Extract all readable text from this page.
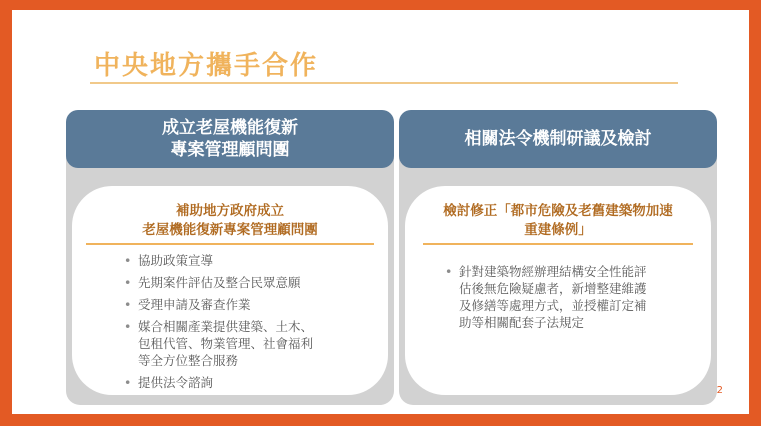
中央地方攜手合作
成立老屋機能復新
專案管理顧問團
補助地方政府成立
老屋機能復新專案管理顧問團
• 協助政策宣導
• 先期案件評估及整合民眾意願
• 受理申請及審查作業
• 媒合相關產業提供建築、土木、
包租代管、物業管理、社會福利
等全方位整合服務
• 提供法令諮詢
相關法令機制研議及檢討
檢討修正「都市危險及老舊建築物加速
重建條例」
• 針對建築物經辦理結構安全性能評
估後無危險疑慮者，新增整建維護
及修繕等處理方式，並授權訂定補
助等相關配套子法規定
2
